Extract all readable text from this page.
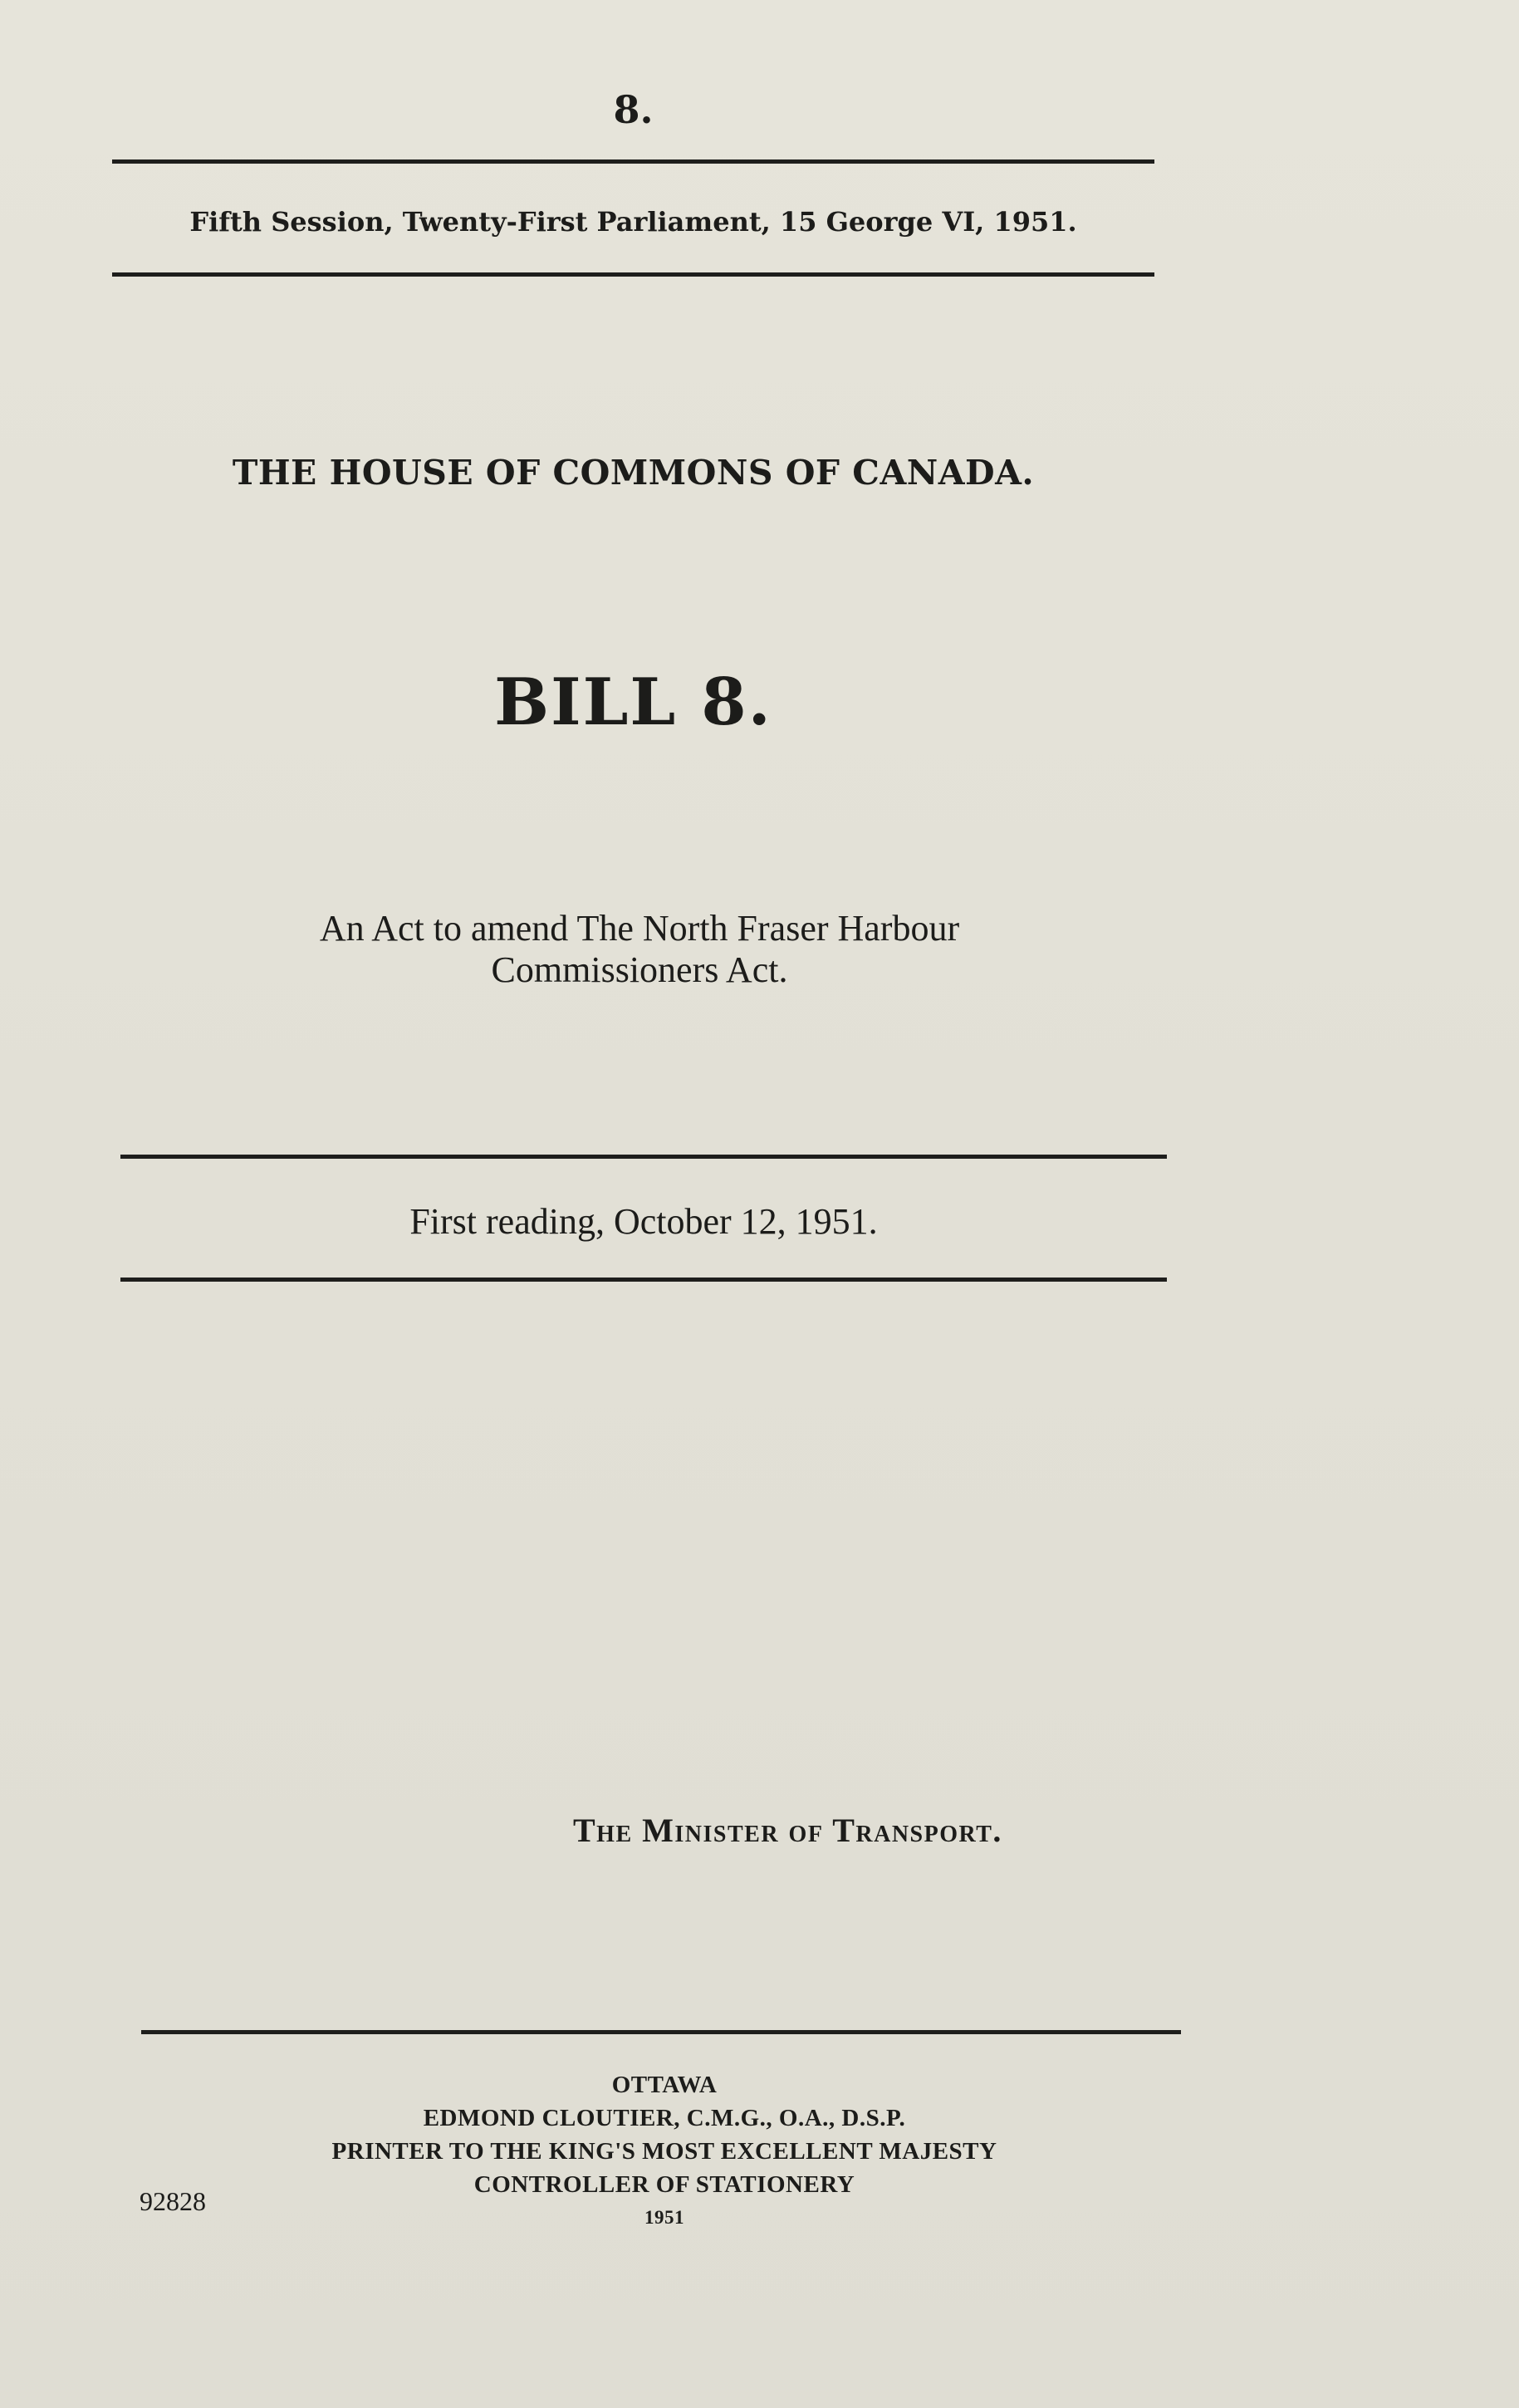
8.
Fifth Session, Twenty-First Parliament, 15 George VI, 1951.
THE HOUSE OF COMMONS OF CANADA.
BILL 8.
An Act to amend The North Fraser Harbour
Commissioners Act.
First reading, October 12, 1951.
The Minister of Transport.
OTTAWA
EDMOND CLOUTIER, C.M.G., O.A., D.S.P.
PRINTER TO THE KING'S MOST EXCELLENT MAJESTY
CONTROLLER OF STATIONERY
1951
92828
